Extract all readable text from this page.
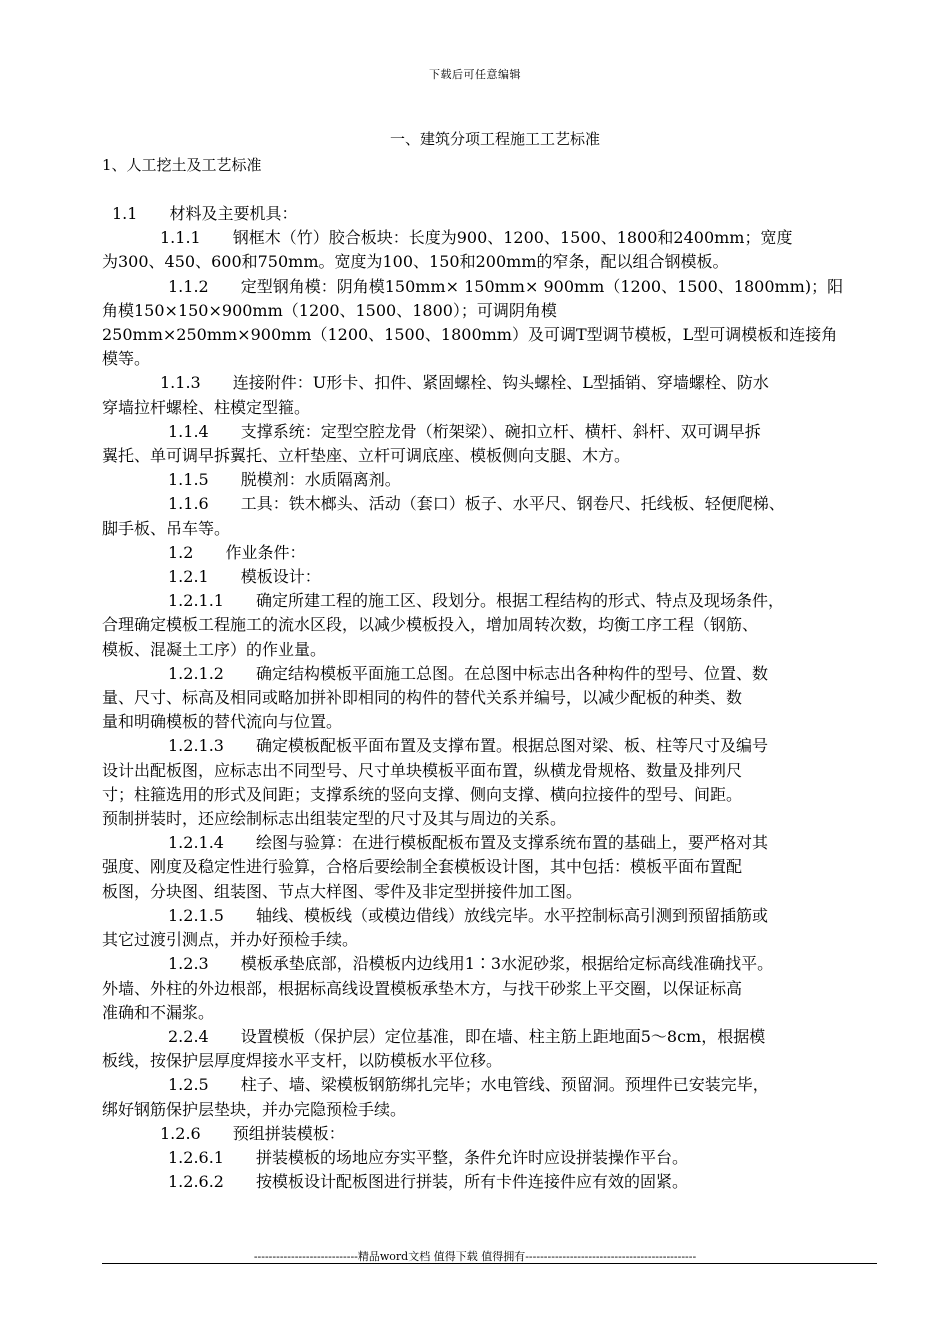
下载后可任意编辑
一、建筑分项工程施工工艺标准
1、人工挖土及工艺标准
1.1　　材料及主要机具：
1.1.1　　钢框木（竹）胶合板块：长度为900、1200、1500、1800和2400mm；宽度
为300、450、600和750mm。宽度为100、150和200mm的窄条，配以组合钢模板。
1.1.2　　定型钢角模：阴角模150mm× 150mm× 900mm（1200、1500、1800mm)；阳
角模150×150×900mm（1200、1500、1800）；可调阴角模
250mm×250mm×900mm（1200、1500、1800mm）及可调T型调节模板，L型可调模板和连接角
模等。
1.1.3　　连接附件：U形卡、扣件、紧固螺栓、钩头螺栓、L型插销、穿墙螺栓、防水
穿墙拉杆螺栓、柱模定型箍。
1.1.4　　支撑系统：定型空腔龙骨（桁架梁）、碗扣立杆、横杆、斜杆、双可调早拆
翼托、单可调早拆翼托、立杆垫座、立杆可调底座、模板侧向支腿、木方。
1.1.5　　脱模剂：水质隔离剂。
1.1.6　　工具：铁木榔头、活动（套口）板子、水平尺、钢卷尺、托线板、轻便爬梯、
脚手板、吊车等。
1.2　　作业条件：
1.2.1　　模板设计：
1.2.1.1　　确定所建工程的施工区、段划分。根据工程结构的形式、特点及现场条件，
合理确定模板工程施工的流水区段，以减少模板投入，增加周转次数，均衡工序工程（钢筋、
模板、混凝土工序）的作业量。
1.2.1.2　　确定结构模板平面施工总图。在总图中标志出各种构件的型号、位置、数
量、尺寸、标高及相同或略加拼补即相同的构件的替代关系并编号，以减少配板的种类、数
量和明确模板的替代流向与位置。
1.2.1.3　　确定模板配板平面布置及支撑布置。根据总图对梁、板、柱等尺寸及编号
设计出配板图，应标志出不同型号、尺寸单块模板平面布置，纵横龙骨规格、数量及排列尺
寸；柱箍选用的形式及间距；支撑系统的竖向支撑、侧向支撑、横向拉接件的型号、间距。
预制拼装时，还应绘制标志出组装定型的尺寸及其与周边的关系。
1.2.1.4　　绘图与验算：在进行模板配板布置及支撑系统布置的基础上，要严格对其
强度、刚度及稳定性进行验算，合格后要绘制全套模板设计图，其中包括：模板平面布置配
板图，分块图、组装图、节点大样图、零件及非定型拼接件加工图。
1.2.1.5　　轴线、模板线（或模边借线）放线完毕。水平控制标高引测到预留插筋或
其它过渡引测点，并办好预检手续。
1.2.3　　模板承垫底部，沿模板内边线用1∶3水泥砂浆，根据给定标高线准确找平。
外墙、外柱的外边根部，根据标高线设置模板承垫木方，与找干砂浆上平交圈，以保证标高
准确和不漏浆。
2.2.4　　设置模板（保护层）定位基准，即在墙、柱主筋上距地面5～8cm，根据模
板线，按保护层厚度焊接水平支杆，以防模板水平位移。
1.2.5　　柱子、墙、梁模板钢筋绑扎完毕；水电管线、预留洞。预埋件已安装完毕，
绑好钢筋保护层垫块，并办完隐预检手续。
1.2.6　　预组拼装模板：
1.2.6.1　　拼装模板的场地应夯实平整，条件允许时应设拼装操作平台。
1.2.6.2　　按模板设计配板图进行拼装，所有卡件连接件应有效的固紧。
----------------------------精品word文档 值得下载 值得拥有----------------------------------------------
